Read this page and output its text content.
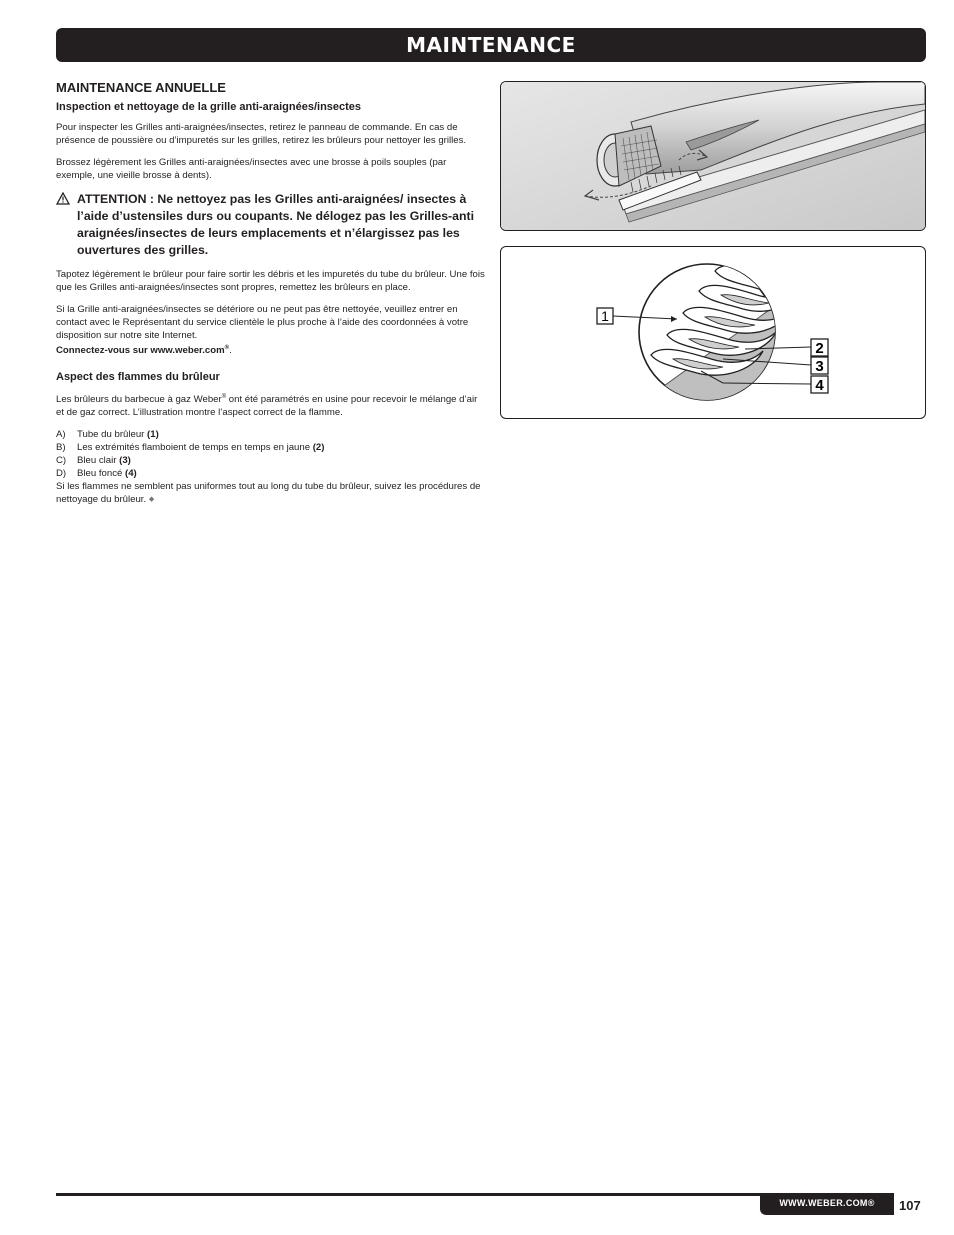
MAINTENANCE
MAINTENANCE ANNUELLE
Inspection et nettoyage de la grille anti-araignées/insectes

Pour inspecter les Grilles anti-araignées/insectes, retirez le panneau de commande. En cas de présence de poussière ou d’impuretés sur les grilles, retirez les brûleurs pour nettoyer les grilles.

Brossez légèrement les Grilles anti-araignées/insectes avec une brosse à poils souples (par exemple, une vieille brosse à dents).

ATTENTION : Ne nettoyez pas les Grilles anti-araignées/ insectes à l’aide d’ustensiles durs ou coupants. Ne délogez pas les Grilles-anti araignées/insectes de leurs emplacements et n’élargissez pas les ouvertures des grilles.

Tapotez légèrement le brûleur pour faire sortir les débris et les impuretés du tube du brûleur. Une fois que les Grilles anti-araignées/insectes sont propres, remettez les brûleurs en place.

Si la Grille anti-araignées/insectes se détériore ou ne peut pas être nettoyée, veuillez entrer en contact avec le Représentant du service clientèle le plus proche à l’aide des coordonnées à votre disposition sur notre site Internet.
Connectez-vous sur www.weber.com®.

Aspect des flammes du brûleur

Les brûleurs du barbecue à gaz Weber® ont été paramétrés en usine pour recevoir le mélange d’air et de gaz correct. L’illustration montre l’aspect correct de la flamme.

A) Tube du brûleur (1)
B) Les extrémités flamboient de temps en temps en jaune (2)
C) Bleu clair (3)
D) Bleu foncé (4)

Si les flammes ne semblent pas uniformes tout au long du tube du brûleur, suivez les procédures de nettoyage du brûleur. ◆

1
2
3
4
WWW.WEBER.COM®	107
